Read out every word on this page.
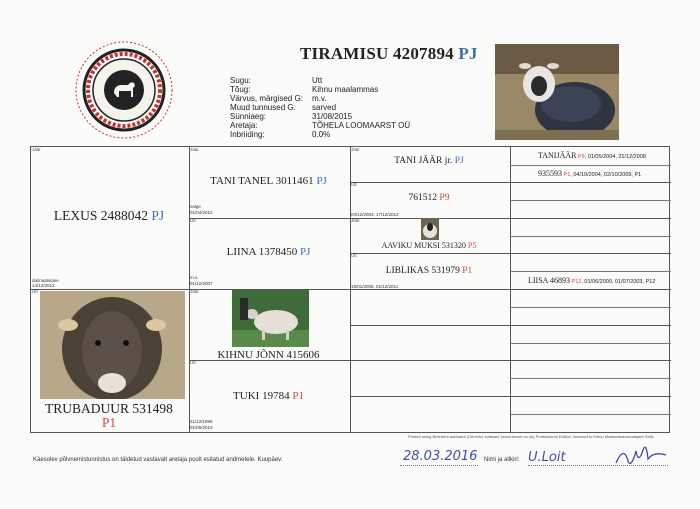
TIRAMISU 4207894 PJ
Sugu:	Utt
Tõug:	Kihnu maalammas
Värvus, märgised G: m.v.
Muud tunnused G: sarved
Sünniaeg:	31/08/2015
Aretaja:	TÕHELA LOOMAARST OÜ
Inbriiding:	0.0%
Jäär
Utt
Jäär
Utt
Jäär
Utt
Jäär
Utt
Jäär
Utt
LEXUS 2488042 PJ
dalmaatsiane
14/12/2012
TRUBADUUR 531498
P1
TANI TANEL 3011461 PJ
valge
01/04/2012
LIINA 1378450 PJ
m.v.
01/12/2007
KIHNU JÕNN 415606
TUKI 19784 P1
21/12/1996
01/06/2010
TANI JÄÄR jr. PJ
761512 P9
04/12/2003, 17/12/2012
AAVIKU MUKSI 531320 P5
LIBLIKAS 531979 P1
19/01/2005, 01/12/2011
TANIJÄÄR P9, 01/05/2004, 21/12/2008
935593 P1, 04/10/2004, 02/10/2009, P1
LIISA 46893 P12, 01/06/2000, 01/07/2003, P12
Printed using Breeders assistant (Generic) software (www.tenset.co.uk) Professional Edition, licensed to Kihnu Maalambakasvatajate Selts
Käesolev põlvnemistunnistus on täidetud vastavalt aretaja poolt esitatud andmetele. Kuupäev:	28.03.2016 Nimi ja allkiri: U.Loit
